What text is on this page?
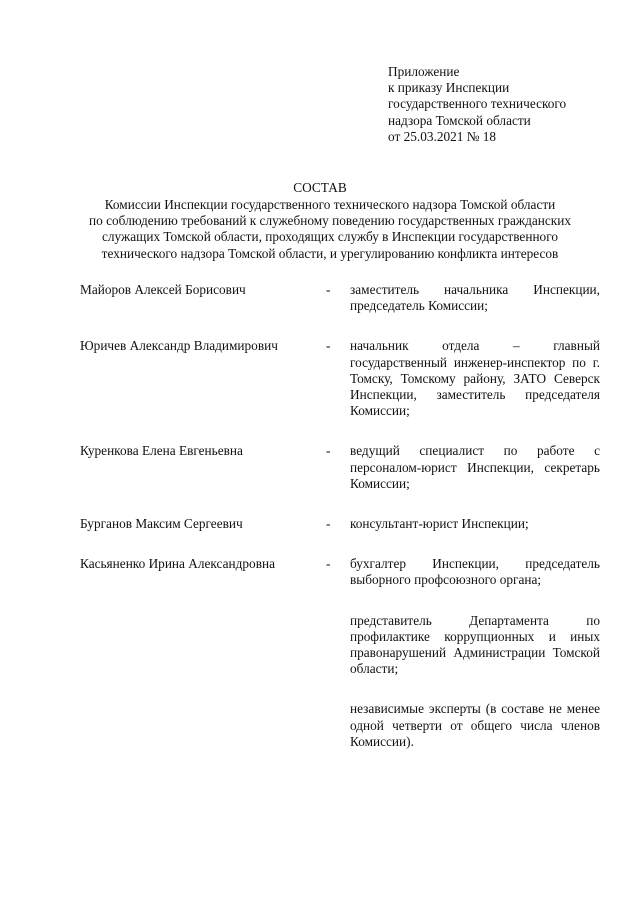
Приложение
к приказу Инспекции
государственного технического
надзора Томской области
от 25.03.2021 № 18
СОСТАВ
Комиссии Инспекции государственного технического надзора Томской области
по соблюдению требований к служебному поведению государственных гражданских
служащих Томской области, проходящих службу в Инспекции государственного
технического надзора Томской области, и урегулированию конфликта интересов
Майоров Алексей Борисович	-	заместитель начальника Инспекции, председатель Комиссии;
Юричев Александр Владимирович	-	начальник отдела – главный государственный инженер-инспектор по г. Томску, Томскому району, ЗАТО Северск Инспекции, заместитель председателя Комиссии;
Куренкова Елена Евгеньевна	-	ведущий специалист по работе с персоналом-юрист Инспекции, секретарь Комиссии;
Бурганов Максим Сергеевич	-	консультант-юрист Инспекции;
Касьяненко Ирина Александровна	-	бухгалтер Инспекции, председатель выборного профсоюзного органа;
представитель Департамента по профилактике коррупционных и иных правонарушений Администрации Томской области;
независимые эксперты (в составе не менее одной четверти от общего числа членов Комиссии).
